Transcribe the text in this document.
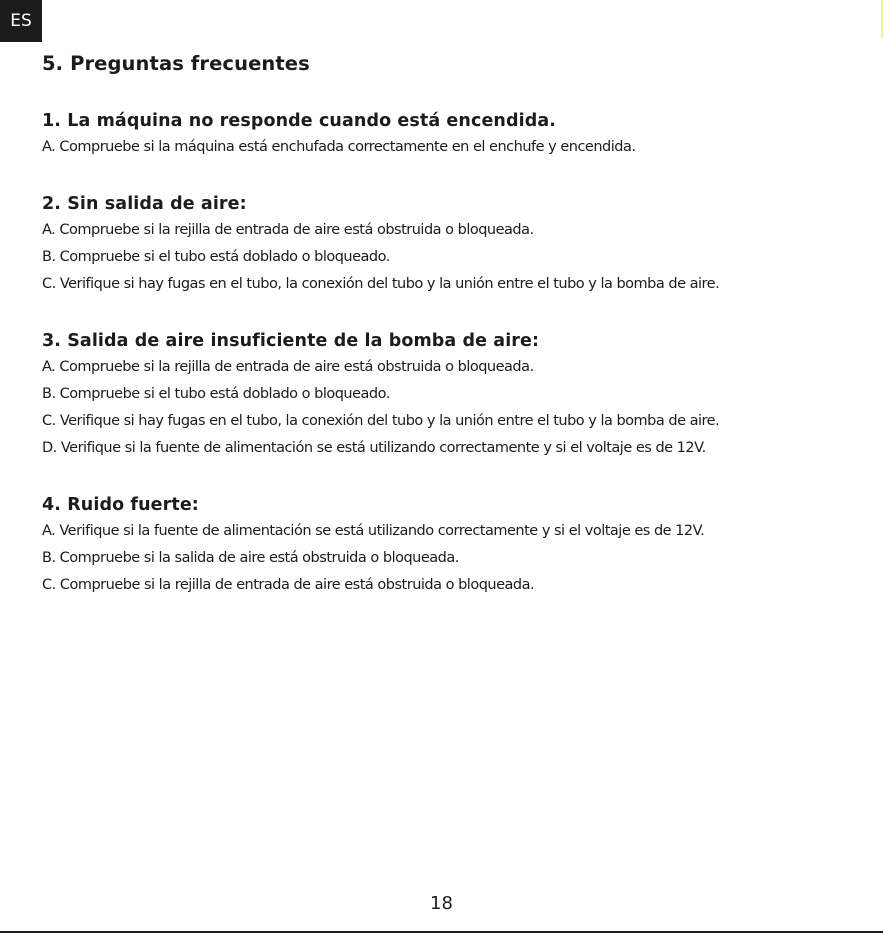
ES
5. Preguntas frecuentes
1. La máquina no responde cuando está encendida.

A. Compruebe si la máquina está enchufada correctamente en el enchufe y encendida.

2. Sin salida de aire:

A. Compruebe si la rejilla de entrada de aire está obstruida o bloqueada.

B. Compruebe si el tubo está doblado o bloqueado.

C. Verifique si hay fugas en el tubo, la conexión del tubo y la unión entre el tubo y la bomba de aire.

3. Salida de aire insuficiente de la bomba de aire:

A. Compruebe si la rejilla de entrada de aire está obstruida o bloqueada.

B. Compruebe si el tubo está doblado o bloqueado.

C. Verifique si hay fugas en el tubo, la conexión del tubo y la unión entre el tubo y la bomba de aire.

D. Verifique si la fuente de alimentación se está utilizando correctamente y si el voltaje es de 12V.

4. Ruido fuerte:

A. Verifique si la fuente de alimentación se está utilizando correctamente y si el voltaje es de 12V.

B. Compruebe si la salida de aire está obstruida o bloqueada.

C. Compruebe si la rejilla de entrada de aire está obstruida o bloqueada.

18
